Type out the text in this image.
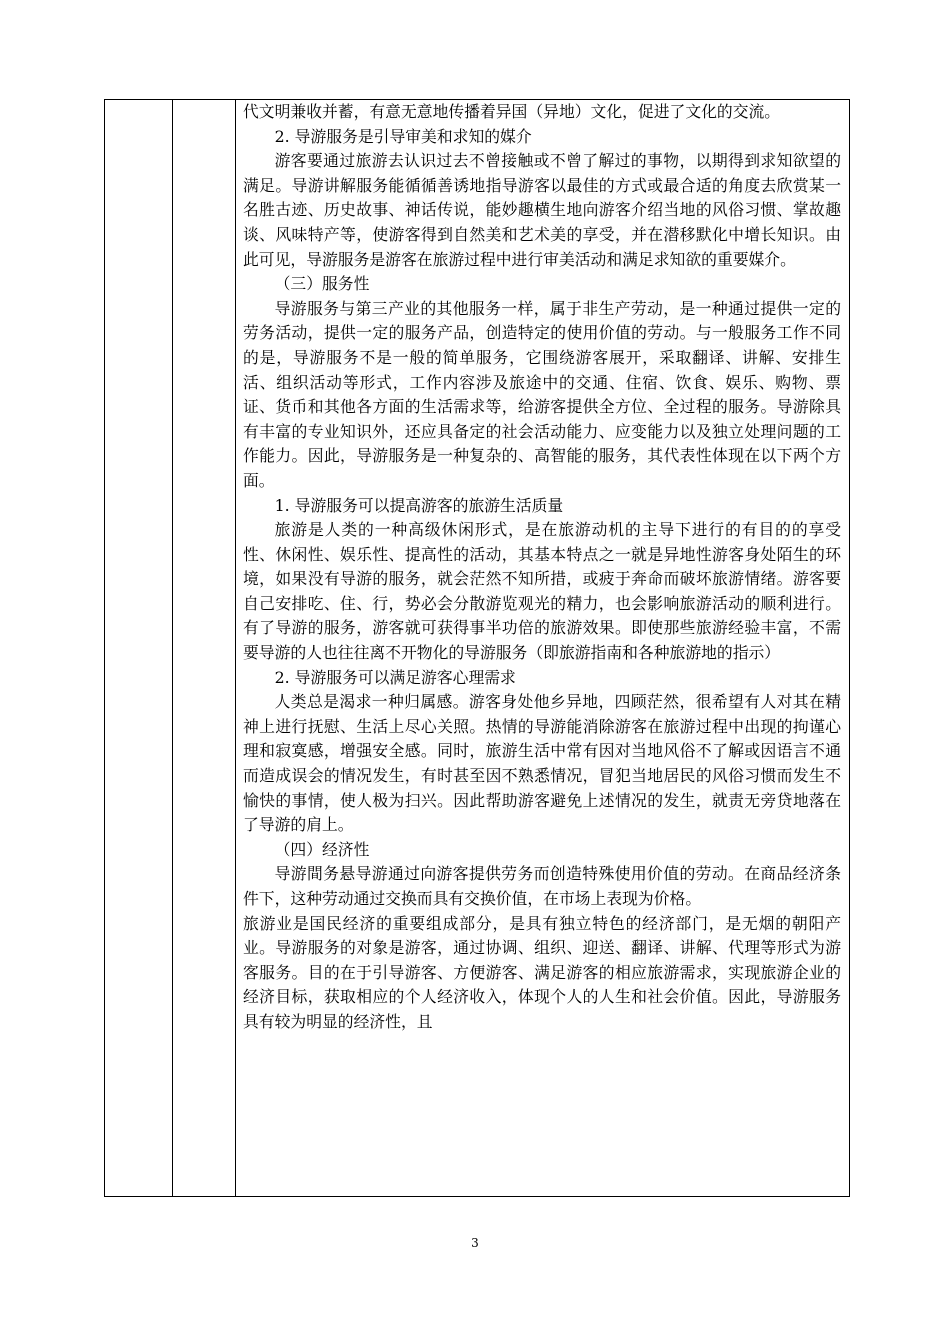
代文明兼收并蓄，有意无意地传播着异国（异地）文化，促进了文化的交流。

2. 导游服务是引导审美和求知的媒介

游客要通过旅游去认识过去不曾接触或不曾了解过的事物，以期得到求知欲望的满足。导游讲解服务能循循善诱地指导游客以最佳的方式或最合适的角度去欣赏某一名胜古迹、历史故事、神话传说，能妙趣横生地向游客介绍当地的风俗习惯、掌故趣谈、风味特产等，使游客得到自然美和艺术美的享受，并在潜移默化中增长知识。由此可见，导游服务是游客在旅游过程中进行审美活动和满足求知欲的重要媒介。

（三）服务性

导游服务与第三产业的其他服务一样，属于非生产劳动，是一种通过提供一定的劳务活动，提供一定的服务产品，创造特定的使用价值的劳动。与一般服务工作不同的是，导游服务不是一般的简单服务，它围绕游客展开，采取翻译、讲解、安排生活、组织活动等形式，工作内容涉及旅途中的交通、住宿、饮食、娱乐、购物、票证、货币和其他各方面的生活需求等，给游客提供全方位、全过程的服务。导游除具有丰富的专业知识外，还应具备定的社会活动能力、应变能力以及独立处理问题的工作能力。因此，导游服务是一种复杂的、高智能的服务，其代表性体现在以下两个方面。

1. 导游服务可以提高游客的旅游生活质量

旅游是人类的一种高级休闲形式，是在旅游动机的主导下进行的有目的的享受性、休闲性、娱乐性、提高性的活动，其基本特点之一就是异地性游客身处陌生的环境，如果没有导游的服务，就会茫然不知所措，或疲于奔命而破坏旅游情绪。游客要自己安排吃、住、行，势必会分散游览观光的精力，也会影响旅游活动的顺利进行。有了导游的服务，游客就可获得事半功倍的旅游效果。即使那些旅游经验丰富，不需要导游的人也往往离不开物化的导游服务（即旅游指南和各种旅游地的指示）

2. 导游服务可以满足游客心理需求

人类总是渴求一种归属感。游客身处他乡异地，四顾茫然，很希望有人对其在精神上进行抚慰、生活上尽心关照。热情的导游能消除游客在旅游过程中出现的拘谨心理和寂寞感，增强安全感。同时，旅游生活中常有因对当地风俗不了解或因语言不通而造成误会的情况发生，有时甚至因不熟悉情况，冒犯当地居民的风俗习惯而发生不愉快的事情，使人极为扫兴。因此帮助游客避免上述情况的发生，就责无旁贷地落在了导游的肩上。

（四）经济性

导游間务悬导游通过向游客提供劳务而创造特殊使用价值的劳动。在商品经济条件下，这种劳动通过交换而具有交换价值，在市场上表现为价格。

旅游业是国民经济的重要组成部分，是具有独立特色的经济部门，是无烟的朝阳产业。导游服务的对象是游客，通过协调、组织、迎送、翻译、讲解、代理等形式为游客服务。目的在于引导游客、方便游客、满足游客的相应旅游需求，实现旅游企业的经济目标，获取相应的个人经济收入，体现个人的人生和社会价值。因此，导游服务具有较为明显的经济性，且

3
